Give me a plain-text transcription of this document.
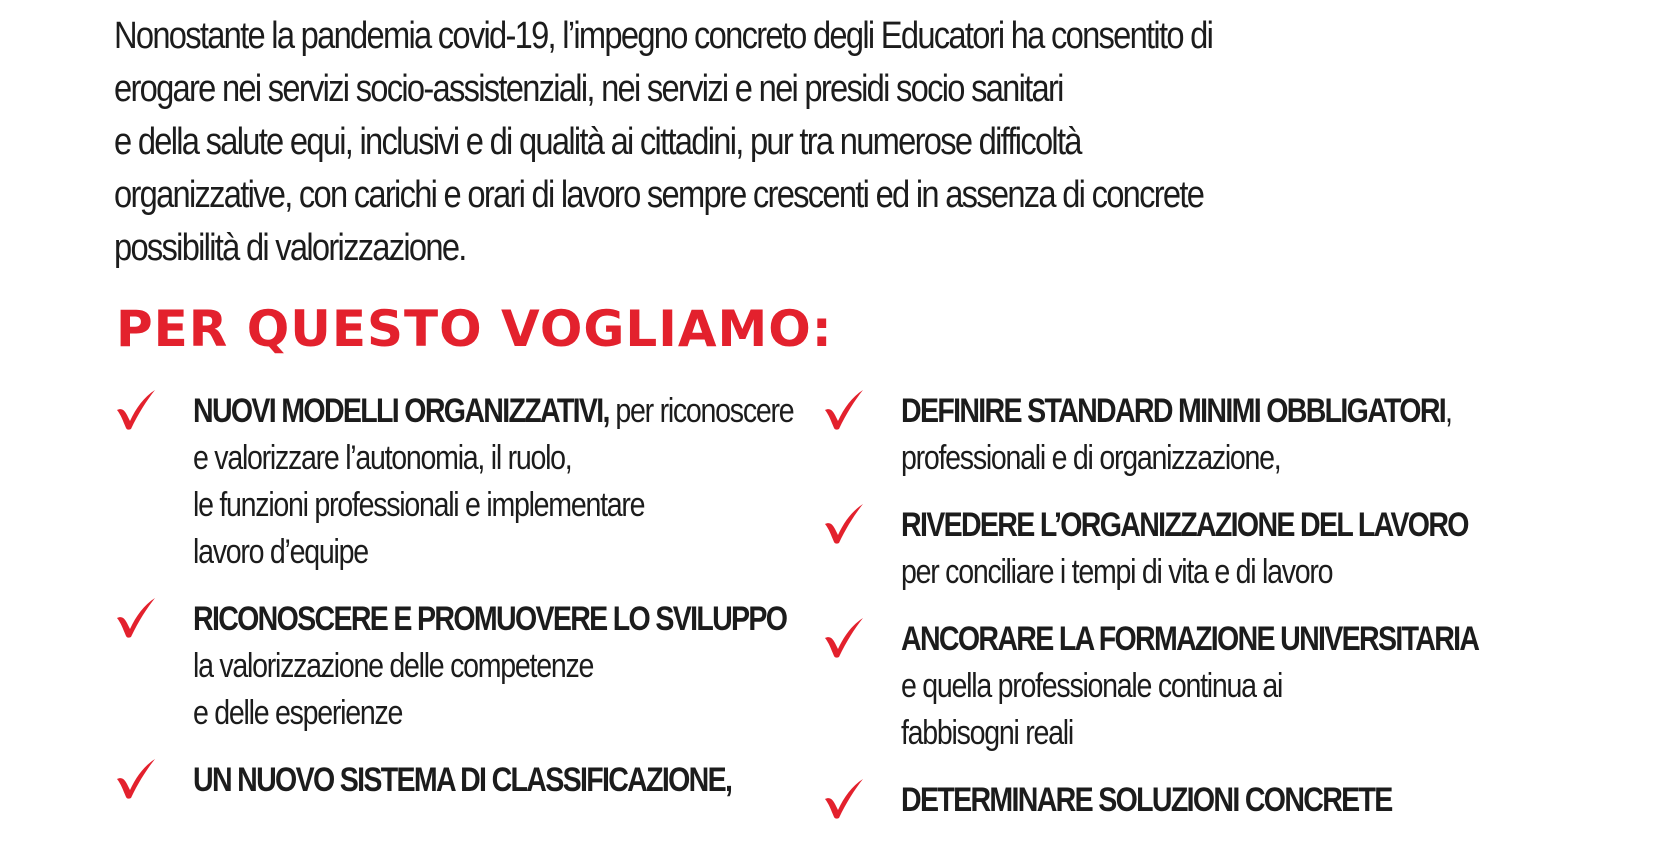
Nonostante la pandemia covid-19, l’impegno concreto degli Educatori ha consentito di
erogare nei servizi socio-assistenziali, nei servizi e nei presidi socio sanitari
e della salute equi, inclusivi e di qualità ai cittadini, pur tra numerose difficoltà
organizzative, con carichi e orari di lavoro sempre crescenti ed in assenza di concrete
possibilità di valorizzazione.
PER QUESTO VOGLIAMO:
NUOVI MODELLI ORGANIZZATIVI, per riconoscere
e valorizzare l’autonomia, il ruolo,
le funzioni professionali e implementare
lavoro d’equipe
RICONOSCERE E PROMUOVERE LO SVILUPPO
la valorizzazione delle competenze
e delle esperienze
UN NUOVO SISTEMA DI CLASSIFICAZIONE,
DEFINIRE STANDARD MINIMI OBBLIGATORI,
professionali e di organizzazione,
RIVEDERE L’ORGANIZZAZIONE DEL LAVORO
per conciliare i tempi di vita e di lavoro
ANCORARE LA FORMAZIONE UNIVERSITARIA
e quella professionale continua ai
fabbisogni reali
DETERMINARE SOLUZIONI CONCRETE
